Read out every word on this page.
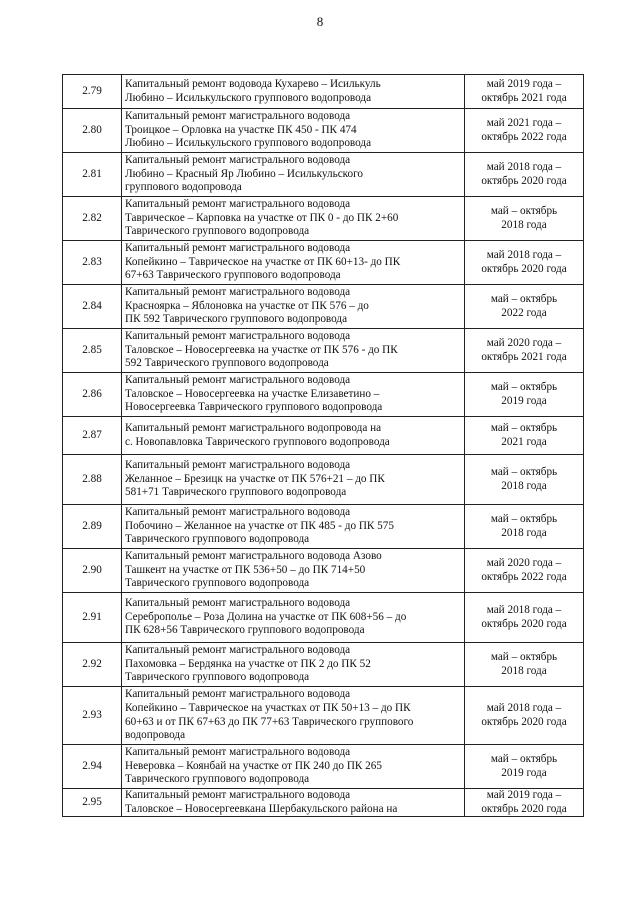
8
2.79	Капитальный ремонт водовода Кухарево – Исилькуль
Любино – Исилькульского группового водопровода	май 2019 года –
октябрь 2021 года

2.80	Капитальный ремонт магистрального водовода
Троицкое – Орловка на участке ПК 450 - ПК 474
Любино – Исилькульского группового водопровода	май 2021 года –
октябрь 2022 года

2.81	Капитальный ремонт магистрального водовода
Любино – Красный Яр Любино – Исилькульского
группового водопровода	май 2018 года –
октябрь 2020 года

2.82	Капитальный ремонт магистрального водовода
Таврическое – Карповка на участке от ПК 0 - до ПК 2+60
Таврического группового водопровода	май – октябрь
2018 года

2.83	Капитальный ремонт магистрального водовода
Копейкино – Таврическое на участке от ПК 60+13- до ПК
67+63 Таврического группового водопровода	май 2018 года –
октябрь 2020 года

2.84	Капитальный ремонт магистрального водовода
Красноярка – Яблоновка на участке от ПК 576 – до
ПК 592 Таврического группового водопровода	май – октябрь
2022 года

2.85	Капитальный ремонт магистрального водовода
Таловское – Новосергеевка на участке от ПК 576 - до ПК
592 Таврического группового водопровода	май 2020 года –
октябрь 2021 года

2.86	Капитальный ремонт магистрального водовода
Таловское – Новосергеевка на участке Елизаветино –
Новосергеевка Таврического группового водопровода	май – октябрь
2019 года

2.87	Капитальный ремонт магистрального водопровода на
с. Новопавловка Таврического группового водопровода	май – октябрь
2021 года

2.88	Капитальный ремонт магистрального водовода
Желанное – Брезицк на участке от ПК 576+21 – до ПК
581+71 Таврического группового водопровода	май – октябрь
2018 года

2.89	Капитальный ремонт магистрального водовода
Побочино – Желанное на участке от ПК 485 - до ПК 575
Таврического группового водопровода	май – октябрь
2018 года

2.90	Капитальный ремонт магистрального водовода Азово
Ташкент на участке от ПК 536+50 – до ПК 714+50
Таврического группового водопровода	май 2020 года –
октябрь 2022 года

2.91	Капитальный ремонт магистрального водовода
Сереброполье – Роза Долина на участке от ПК 608+56 – до
ПК 628+56 Таврического группового водопровода	май 2018 года –
октябрь 2020 года

2.92	Капитальный ремонт магистрального водовода
Пахомовка – Бердянка на участке от ПК 2 до ПК 52
Таврического группового водопровода	май – октябрь
2018 года

2.93	Капитальный ремонт магистрального водовода
Копейкино – Таврическое на участках от ПК 50+13 – до ПК
60+63 и от ПК 67+63 до ПК 77+63 Таврического группового
водопровода	май 2018 года –
октябрь 2020 года

2.94	Капитальный ремонт магистрального водовода
Неверовка – Коянбай на участке от ПК 240 до ПК 265
Таврического группового водопровода	май – октябрь
2019 года

2.95	Капитальный ремонт магистрального водовода
Таловское – Новосергеевкана Шербакульского района на	май 2019 года –
октябрь 2020 года
